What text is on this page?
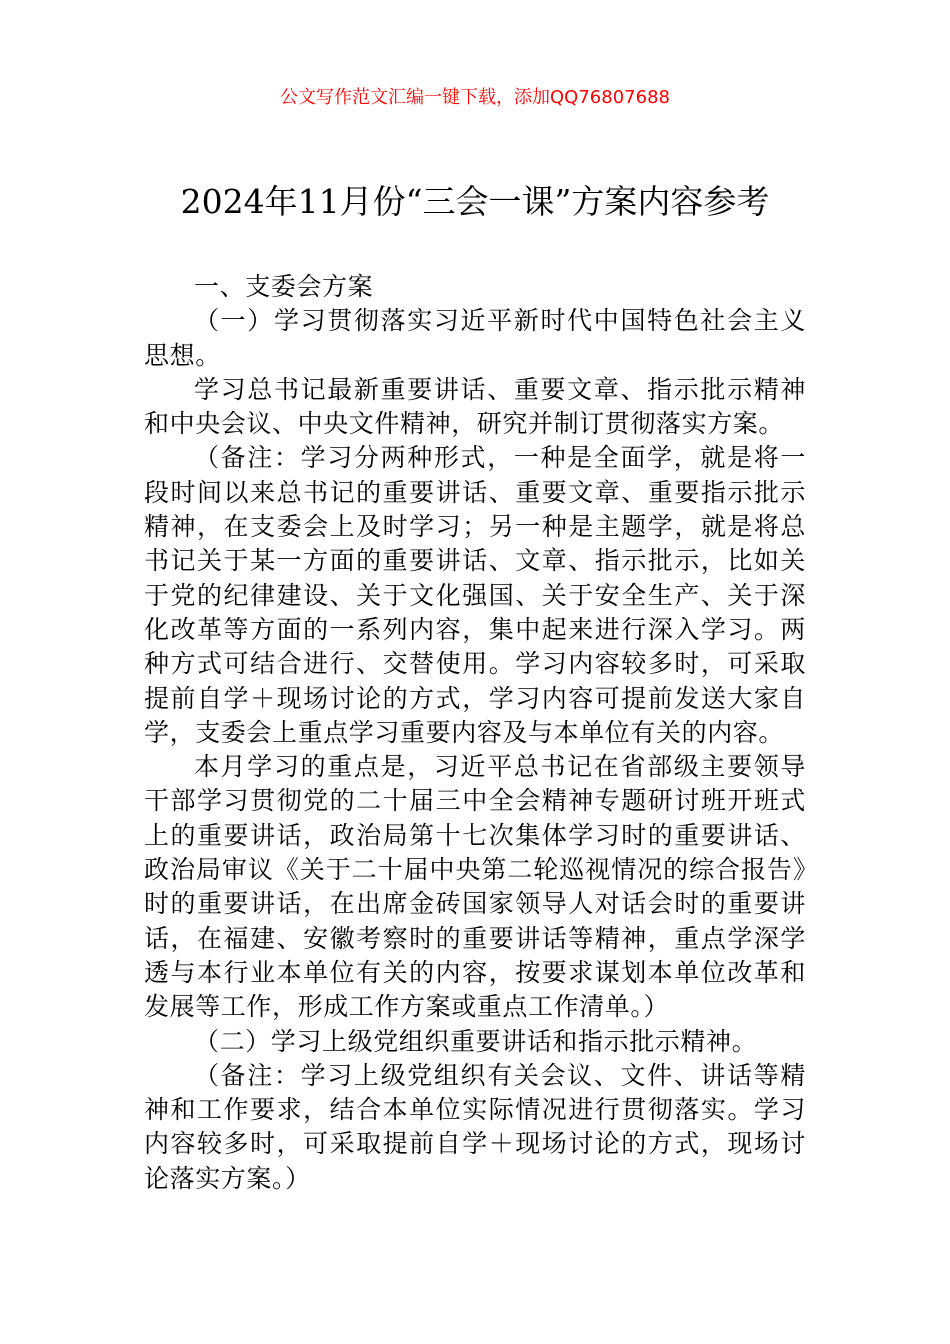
公文写作范文汇编一键下载，添加QQ76807688
2024年11月份“三会一课”方案内容参考

一、支委会方案

（一）学习贯彻落实习近平新时代中国特色社会主义思想。

学习总书记最新重要讲话、重要文章、指示批示精神和中央会议、中央文件精神，研究并制订贯彻落实方案。

（备注：学习分两种形式，一种是全面学，就是将一段时间以来总书记的重要讲话、重要文章、重要指示批示精神，在支委会上及时学习；另一种是主题学，就是将总书记关于某一方面的重要讲话、文章、指示批示，比如关于党的纪律建设、关于文化强国、关于安全生产、关于深化改革等方面的一系列内容，集中起来进行深入学习。两种方式可结合进行、交替使用。学习内容较多时，可采取提前自学＋现场讨论的方式，学习内容可提前发送大家自学，支委会上重点学习重要内容及与本单位有关的内容。

本月学习的重点是，习近平总书记在省部级主要领导干部学习贯彻党的二十届三中全会精神专题研讨班开班式上的重要讲话，政治局第十七次集体学习时的重要讲话、政治局审议《关于二十届中央第二轮巡视情况的综合报告》时的重要讲话，在出席金砖国家领导人对话会时的重要讲话，在福建、安徽考察时的重要讲话等精神，重点学深学透与本行业本单位有关的内容，按要求谋划本单位改革和发展等工作，形成工作方案或重点工作清单。）

（二）学习上级党组织重要讲话和指示批示精神。

（备注：学习上级党组织有关会议、文件、讲话等精神和工作要求，结合本单位实际情况进行贯彻落实。学习内容较多时，可采取提前自学＋现场讨论的方式，现场讨论落实方案。）
